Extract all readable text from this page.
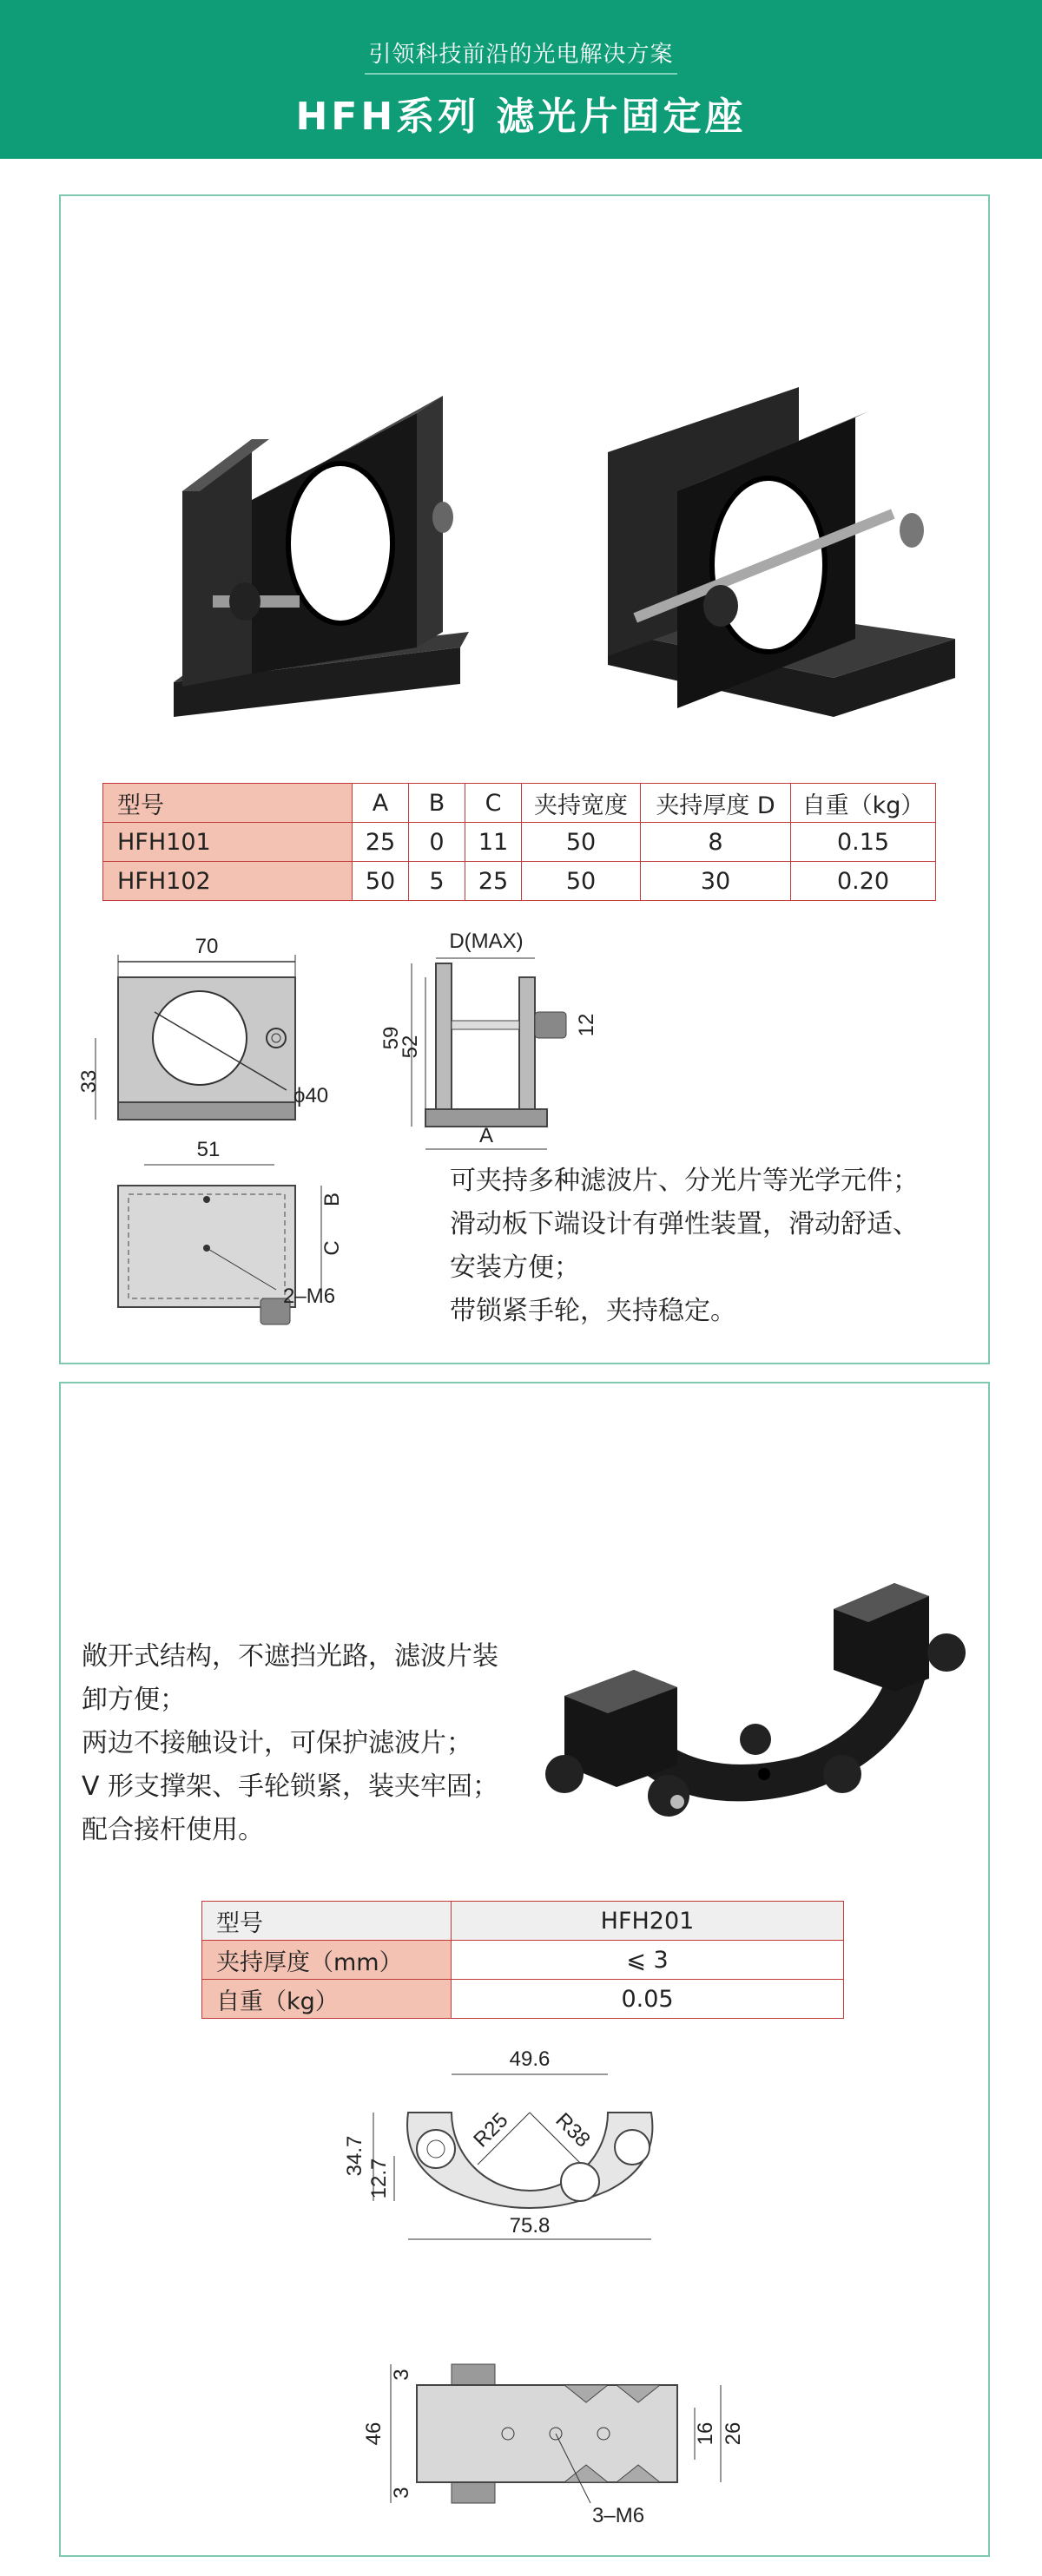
引领科技前沿的光电解决方案
HFH系列 滤光片固定座
型号	A	B	C	夹持宽度	夹持厚度 D	自重（kg）
HFH101	25	0	11	50	8	0.15
HFH102	50	5	25	50	30	0.20
70
33
ϕ40
D(MAX)
59
52
12
A
51
B
C
2–M6
可夹持多种滤波片、分光片等光学元件；
滑动板下端设计有弹性装置，滑动舒适、
安装方便；
带锁紧手轮，夹持稳定。
敞开式结构，不遮挡光路，滤波片装
卸方便；
两边不接触设计，可保护滤波片；
V 形支撑架、手轮锁紧，装夹牢固；
配合接杆使用。
型号	HFH201
夹持厚度（mm）	⩽ 3
自重（kg）	0.05
49.6
R25 R38
34.7
12.7
75.8
3–M6
46
3
3
16 26
